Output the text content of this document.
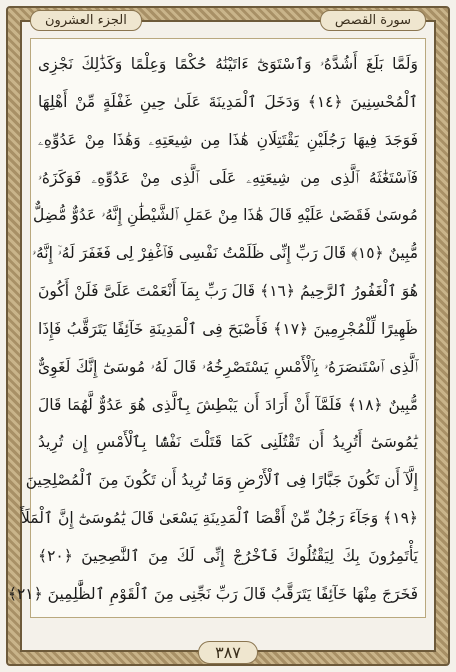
الجزء العشرون	سورة القصص
وَلَمَّا بَلَغَ أَشُدَّهُۥ وَٱسْتَوَىٰٓ ءَاتَيْنَٰهُ حُكْمًا وَعِلْمًا وَكَذَٰلِكَ نَجْزِى
ٱلْمُحْسِنِينَ ﴿١٤﴾ وَدَخَلَ ٱلْمَدِينَةَ عَلَىٰ حِينِ غَفْلَةٍ مِّنْ أَهْلِهَا
فَوَجَدَ فِيهَا رَجُلَيْنِ يَقْتَتِلَانِ هَٰذَا مِن شِيعَتِهِۦ وَهَٰذَا مِنْ عَدُوِّهِۦ
فَٱسْتَغَٰثَهُ ٱلَّذِى مِن شِيعَتِهِۦ عَلَى ٱلَّذِى مِنْ عَدُوِّهِۦ فَوَكَزَهُۥ
مُوسَىٰ فَقَضَىٰ عَلَيْهِ قَالَ هَٰذَا مِنْ عَمَلِ ٱلشَّيْطَٰنِ إِنَّهُۥ عَدُوٌّ مُّضِلٌّ
مُّبِينٌ ﴿١٥﴾ قَالَ رَبِّ إِنِّى ظَلَمْتُ نَفْسِى فَٱغْفِرْ لِى فَغَفَرَ لَهُۥٓ إِنَّهُۥ
هُوَ ٱلْغَفُورُ ٱلرَّحِيمُ ﴿١٦﴾ قَالَ رَبِّ بِمَآ أَنْعَمْتَ عَلَىَّ فَلَنْ أَكُونَ
ظَهِيرًا لِّلْمُجْرِمِينَ ﴿١٧﴾ فَأَصْبَحَ فِى ٱلْمَدِينَةِ خَآئِفًا يَتَرَقَّبُ فَإِذَا
ٱلَّذِى ٱسْتَنصَرَهُۥ بِٱلْأَمْسِ يَسْتَصْرِخُهُۥ قَالَ لَهُۥ مُوسَىٰٓ إِنَّكَ لَغَوِىٌّ
مُّبِينٌ ﴿١٨﴾ فَلَمَّآ أَنْ أَرَادَ أَن يَبْطِشَ بِٱلَّذِى هُوَ عَدُوٌّ لَّهُمَا قَالَ
يَٰمُوسَىٰٓ أَتُرِيدُ أَن تَقْتُلَنِى كَمَا قَتَلْتَ نَفْسًۢا بِٱلْأَمْسِ إِن تُرِيدُ
إِلَّآ أَن تَكُونَ جَبَّارًا فِى ٱلْأَرْضِ وَمَا تُرِيدُ أَن تَكُونَ مِنَ ٱلْمُصْلِحِينَ
﴿١٩﴾ وَجَآءَ رَجُلٌ مِّنْ أَقْصَا ٱلْمَدِينَةِ يَسْعَىٰ قَالَ يَٰمُوسَىٰٓ إِنَّ ٱلْمَلَأَ
يَأْتَمِرُونَ بِكَ لِيَقْتُلُوكَ فَٱخْرُجْ إِنِّى لَكَ مِنَ ٱلنَّٰصِحِينَ ﴿٢٠﴾
فَخَرَجَ مِنْهَا خَآئِفًا يَتَرَقَّبُ قَالَ رَبِّ نَجِّنِى مِنَ ٱلْقَوْمِ ٱلظَّٰلِمِينَ ﴿٢١﴾
٣٨٧
